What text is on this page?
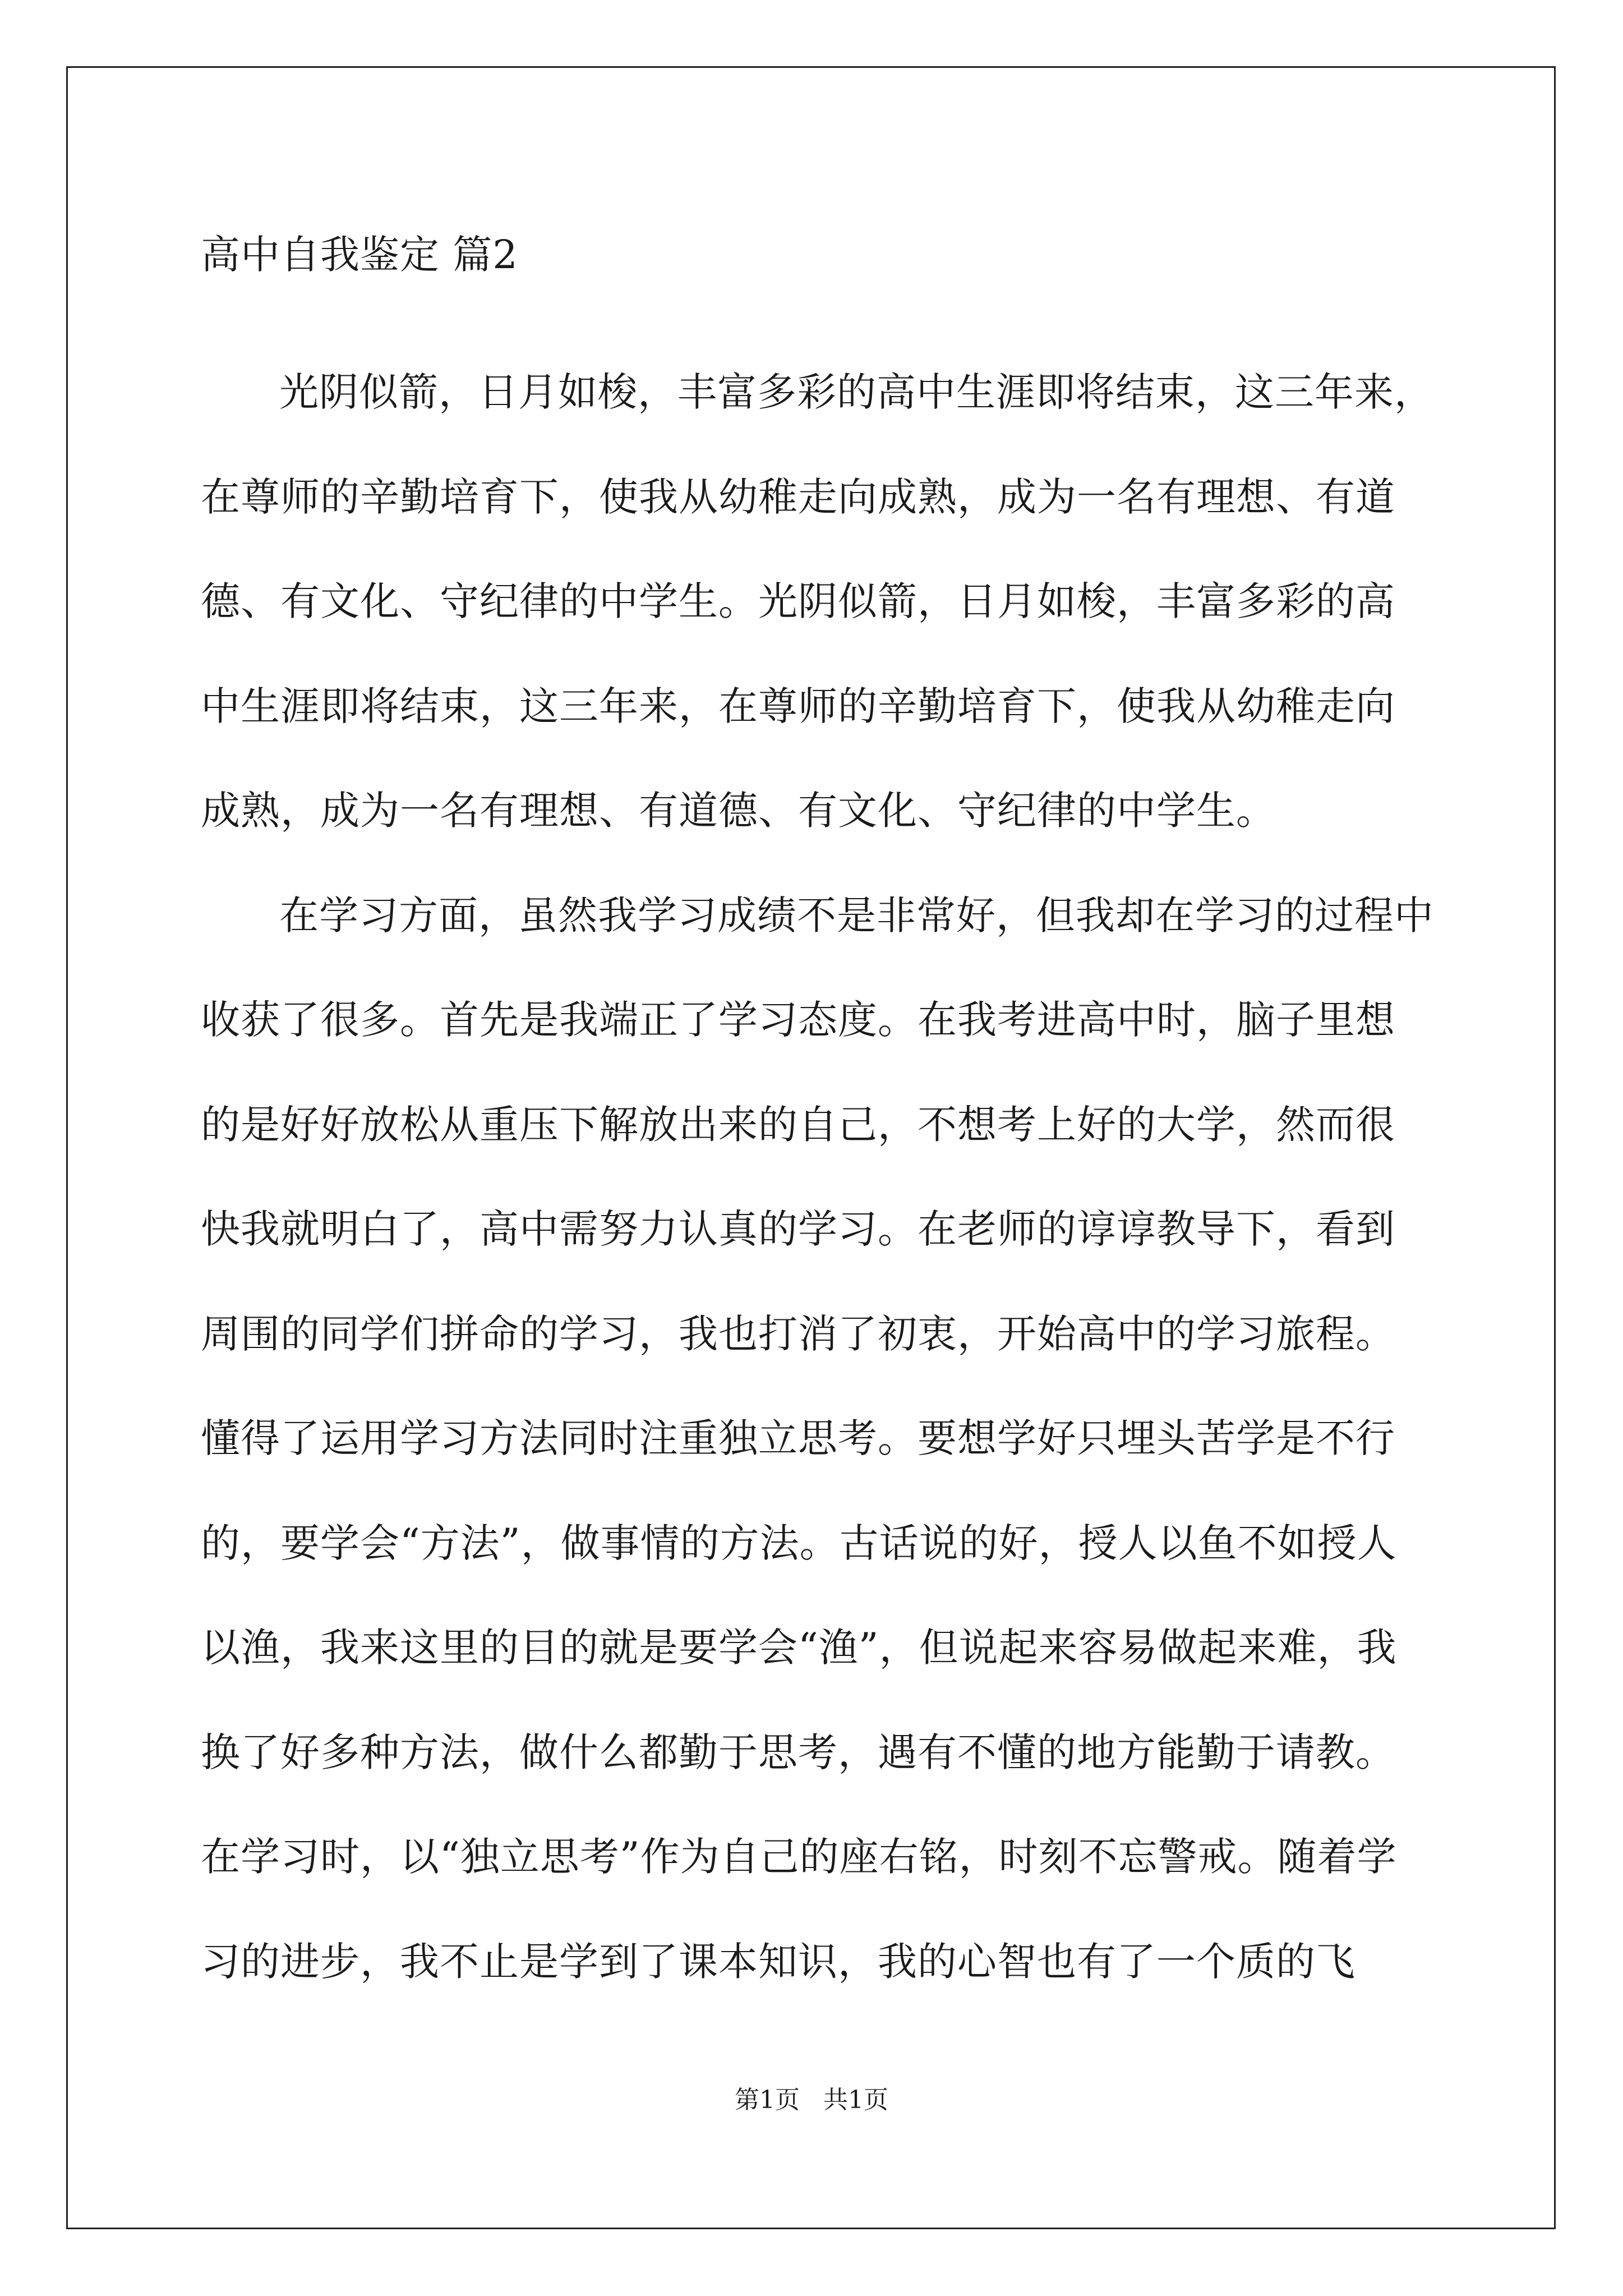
高中自我鉴定 篇2

光阴似箭，日月如梭，丰富多彩的高中生涯即将结束，这三年来，在尊师的辛勤培育下，使我从幼稚走向成熟，成为一名有理想、有道德、有文化、守纪律的中学生。光阴似箭，日月如梭，丰富多彩的高中生涯即将结束，这三年来，在尊师的辛勤培育下，使我从幼稚走向成熟，成为一名有理想、有道德、有文化、守纪律的中学生。

在学习方面，虽然我学习成绩不是非常好，但我却在学习的过程中收获了很多。首先是我端正了学习态度。在我考进高中时，脑子里想的是好好放松从重压下解放出来的自己，不想考上好的大学，然而很快我就明白了，高中需努力认真的学习。在老师的谆谆教导下，看到周围的同学们拼命的学习，我也打消了初衷，开始高中的学习旅程。懂得了运用学习方法同时注重独立思考。要想学好只埋头苦学是不行的，要学会“方法”，做事情的方法。古话说的好，授人以鱼不如授人以渔，我来这里的目的就是要学会“渔”，但说起来容易做起来难，我换了好多种方法，做什么都勤于思考，遇有不懂的地方能勤于请教。在学习时，以“独立思考”作为自己的座右铭，时刻不忘警戒。随着学习的进步，我不止是学到了课本知识，我的心智也有了一个质的飞

第1页   共1页
